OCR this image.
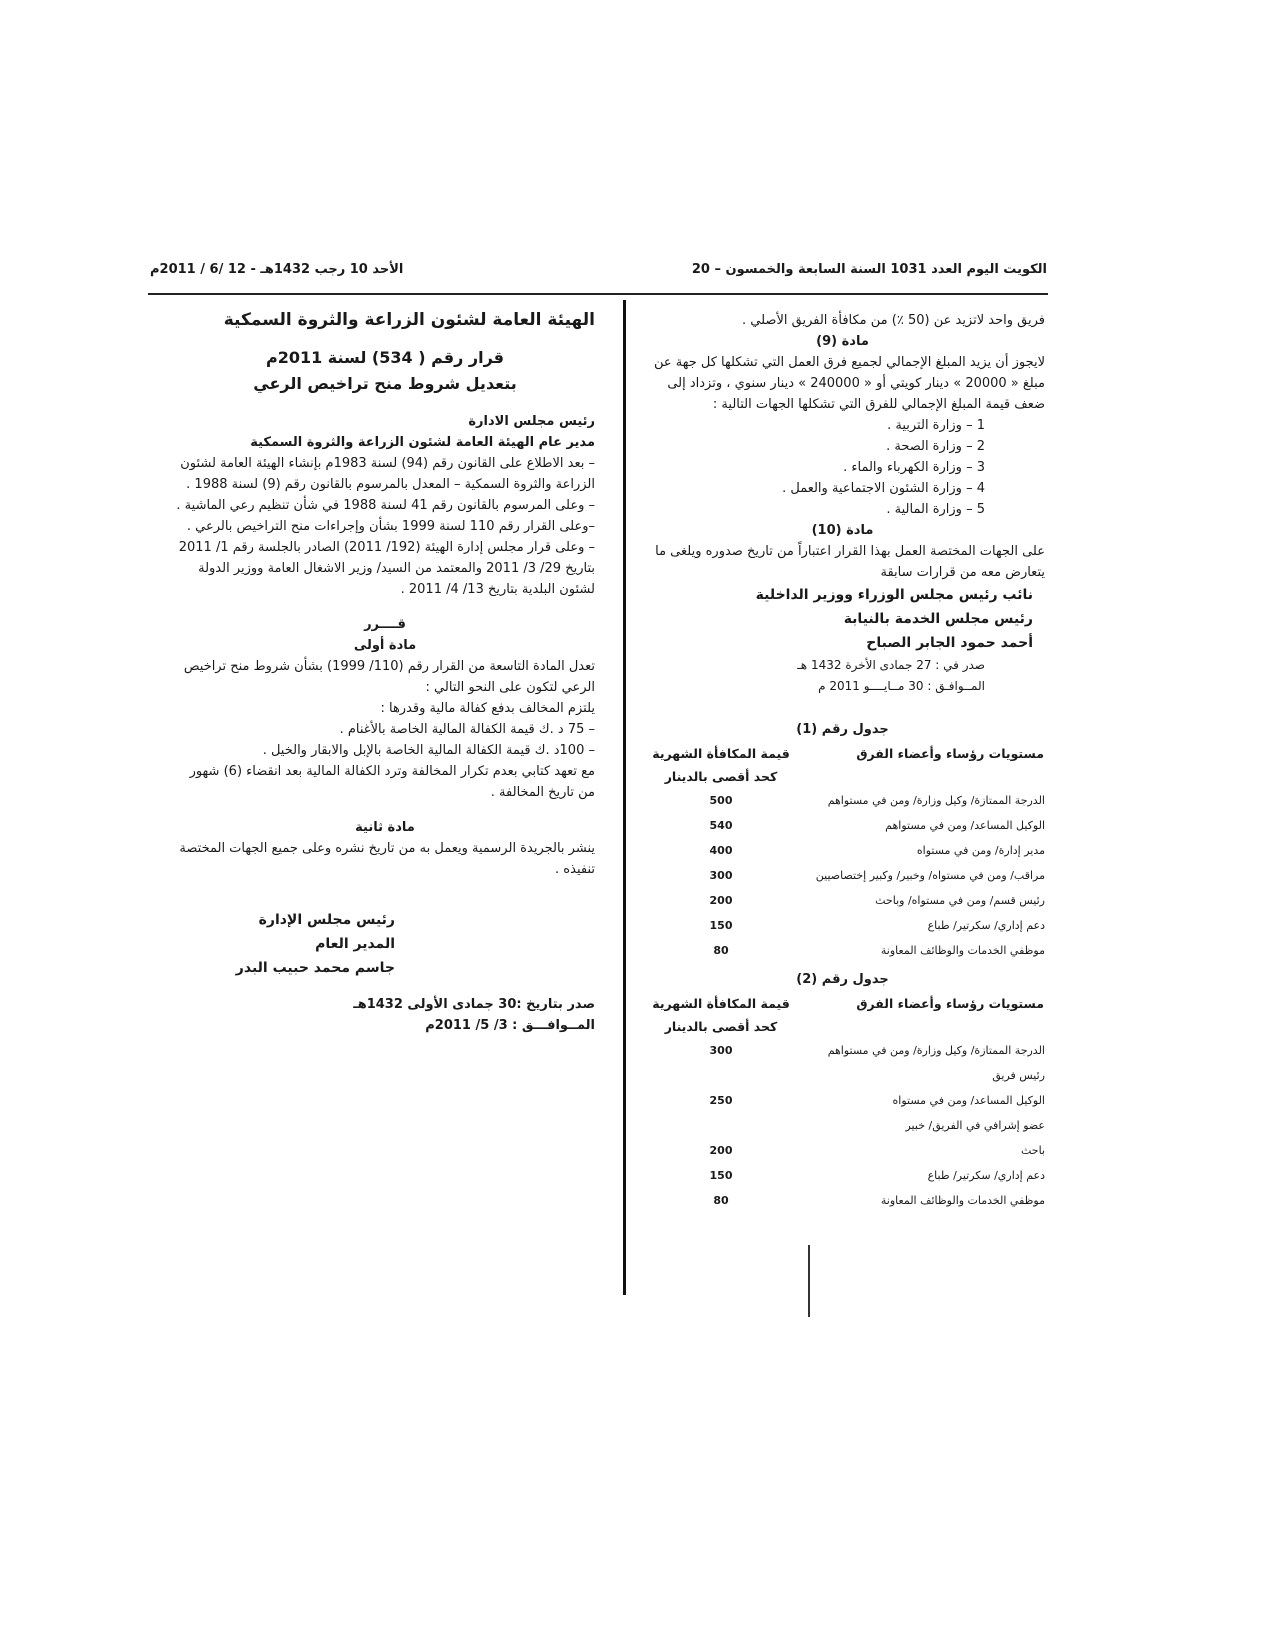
الكويت اليوم العدد 1031 السنة السابعة والخمسون – 20
الأحد 10 رجب 1432هـ - 12 /6 / 2011م
الهيئة العامة لشئون الزراعة والثروة السمكية
قرار رقم ( 534) لسنة 2011م
بتعديل شروط منح تراخيص الرعي

رئيس مجلس الادارة

مدير عام الهيئة العامة لشئون الزراعة والثروة السمكية

– بعد الاطلاع على القانون رقم (94) لسنة 1983م بإنشاء الهيئة العامة لشئون الزراعة والثروة السمكية – المعدل بالمرسوم بالقانون رقم (9) لسنة 1988 .

– وعلى المرسوم بالقانون رقم 41 لسنة 1988 في شأن تنظيم رعي الماشية .

–وعلى القرار رقم 110 لسنة 1999 بشأن وإجراءات منح التراخيص بالرعي .

– وعلى قرار مجلس إدارة الهيئة (192/ 2011) الصادر بالجلسة رقم 1/ 2011 بتاريخ 29/ 3/ 2011 والمعتمد من السيد/ وزير الاشغال العامة ووزير الدولة لشئون البلدية بتاريخ 13/ 4/ 2011 .

قــــرر

مادة أولى

تعدل المادة التاسعة من القرار رقم (110/ 1999) بشأن شروط منح تراخيص الرعي لتكون على النحو التالي :

يلتزم المخالف بدفع كفالة مالية وقدرها :

– 75 د .ك قيمة الكفالة المالية الخاصة بالأغنام .

– 100د .ك قيمة الكفالة المالية الخاصة بالإبل والابقار والخيل .

مع تعهد كتابي بعدم تكرار المخالفة وترد الكفالة المالية بعد انقضاء (6) شهور من تاريخ المخالفة .

مادة ثانية

ينشر بالجريدة الرسمية ويعمل به من تاريخ نشره وعلى جميع الجهات المختصة تنفيذه .

رئيس مجلس الإدارة
المدير العام
جاسم محمد حبيب البدر

صدر بتاريخ :30 جمادى الأولى 1432هـ

المــوافـــق : 3/ 5/ 2011م

فريق واحد لاتزيد عن (50 ٪) من مكافأة الفريق الأصلي .

مادة (9)

لايجوز أن يزيد المبلغ الإجمالي لجميع فرق العمل التي تشكلها كل جهة عن مبلغ « 20000 » دينار كويتي أو « 240000 » دينار سنوي ، وتزداد إلى ضعف قيمة المبلغ الإجمالي للفرق التي تشكلها الجهات التالية :

1 – وزارة التربية .

2 – وزارة الصحة .

3 – وزارة الكهرباء والماء .

4 – وزارة الشئون الاجتماعية والعمل .

5 – وزارة المالية .

مادة (10)

على الجهات المختصة العمل بهذا القرار اعتباراً من تاريخ صدوره ويلغى ما يتعارض معه من قرارات سابقة

نائب رئيس مجلس الوزراء ووزير الداخلية
رئيس مجلس الخدمة بالنيابة
أحمد حمود الجابر الصباح

صدر في : 27 جمادى الأخرة 1432 هـ

المــوافـق : 30 مــايــــو 2011 م

جدول رقم (1)
مستويات رؤساء وأعضاء الفرق	قيمة المكافأة الشهرية
	كحد أقصى بالدينار
الدرجة الممتازة/ وكيل وزارة/ ومن في مستواهم	500
الوكيل المساعد/ ومن في مستواهم	540
مدير إدارة/ ومن في مستواه	400
مراقب/ ومن في مستواه/ وخبير/ وكبير إختصاصيين	300
رئيس قسم/ ومن في مستواه/ وباحث	200
دعم إداري/ سكرتير/ طباع	150
موظفي الخدمات والوظائف المعاونة	80
جدول رقم (2)
مستويات رؤساء وأعضاء الفرق	قيمة المكافأة الشهرية
	كحد أقصى بالدينار
الدرجة الممتازة/ وكيل وزارة/ ومن في مستواهم	300
رئيس فريق	
الوكيل المساعد/ ومن في مستواه	250
عضو إشرافي في الفريق/ خبير	
باحث	200
دعم إداري/ سكرتير/ طباع	150
موظفي الخدمات والوظائف المعاونة	80
